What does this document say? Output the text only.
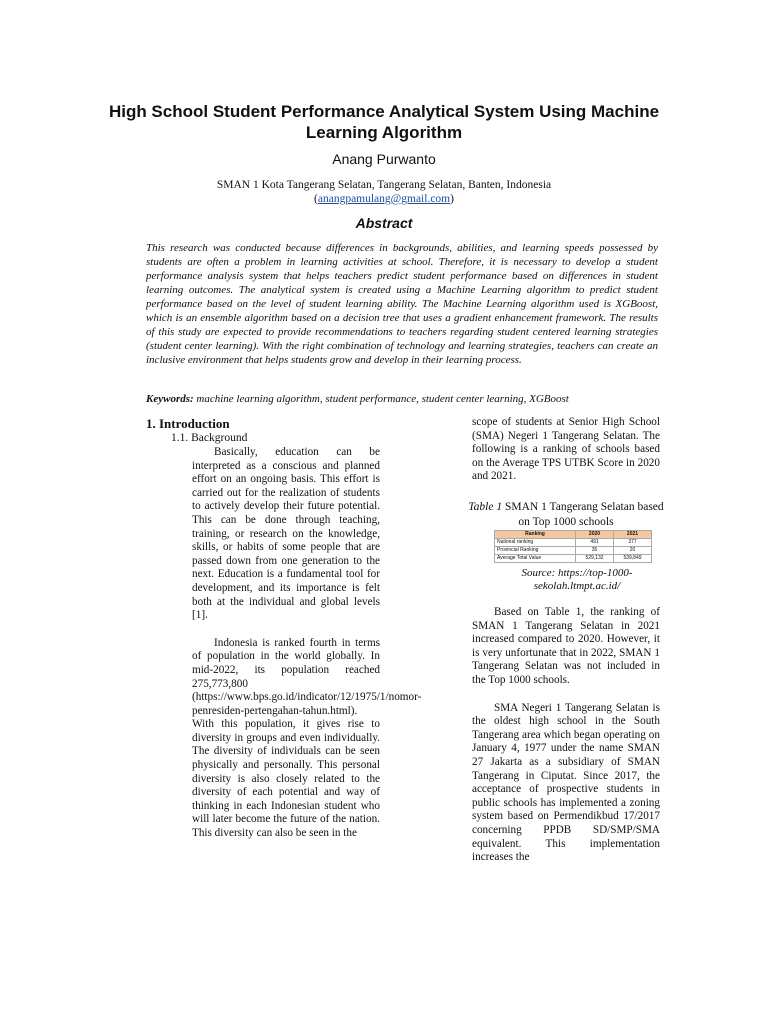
High School Student Performance Analytical System Using Machine Learning Algorithm
Anang Purwanto
SMAN 1 Kota Tangerang Selatan, Tangerang Selatan, Banten, Indonesia
(anangpamulang@gmail.com)
Abstract

This research was conducted because differences in backgrounds, abilities, and learning speeds possessed by students are often a problem in learning activities at school. Therefore, it is necessary to develop a student performance analysis system that helps teachers predict student performance based on differences in student learning outcomes. The analytical system is created using a Machine Learning algorithm to predict student performance based on the level of student learning ability. The Machine Learning algorithm used is XGBoost, which is an ensemble algorithm based on a decision tree that uses a gradient enhancement framework. The results of this study are expected to provide recommendations to teachers regarding student centered learning strategies (student center learning). With the right combination of technology and learning strategies, teachers can create an inclusive environment that helps students grow and develop in their learning process.

Keywords: machine learning algorithm, student performance, student center learning, XGBoost
1. Introduction
1.1. Background

Basically, education can be interpreted as a conscious and planned effort on an ongoing basis. This effort is carried out for the realization of students to actively develop their future potential. This can be done through teaching, training, or research on the knowledge, skills, or habits of some people that are passed down from one generation to the next. Education is a fundamental tool for development, and its importance is felt both at the individual and global levels [1].

Indonesia is ranked fourth in terms of population in the world globally. In mid-2022, its population reached 275,773,800 (https://www.bps.go.id/indicator/12/1975/1/nomor-penresiden-pertengahan-tahun.html). With this population, it gives rise to diversity in groups and even individually. The diversity of individuals can be seen physically and personally. This personal diversity is also closely related to the diversity of each potential and way of thinking in each Indonesian student who will later become the future of the nation. This diversity can also be seen in the

scope of students at Senior High School (SMA) Negeri 1 Tangerang Selatan. The following is a ranking of schools based on the Average TPS UTBK Score in 2020 and 2021.

Table 1 SMAN 1 Tangerang Selatan based on Top 1000 schools
Ranking	2020	2021
National ranking	491	377
Provincial Ranking	35	20
Average Total Value	529,132	539,849
Source: https://top-1000-sekolah.ltmpt.ac.id/

Based on Table 1, the ranking of SMAN 1 Tangerang Selatan in 2021 increased compared to 2020. However, it is very unfortunate that in 2022, SMAN 1 Tangerang Selatan was not included in the Top 1000 schools.

SMA Negeri 1 Tangerang Selatan is the oldest high school in the South Tangerang area which began operating on January 4, 1977 under the name SMAN 27 Jakarta as a subsidiary of SMAN Tangerang in Ciputat. Since 2017, the acceptance of prospective students in public schools has implemented a zoning system based on Permendikbud 17/2017 concerning PPDB SD/SMP/SMA equivalent. This implementation increases the
